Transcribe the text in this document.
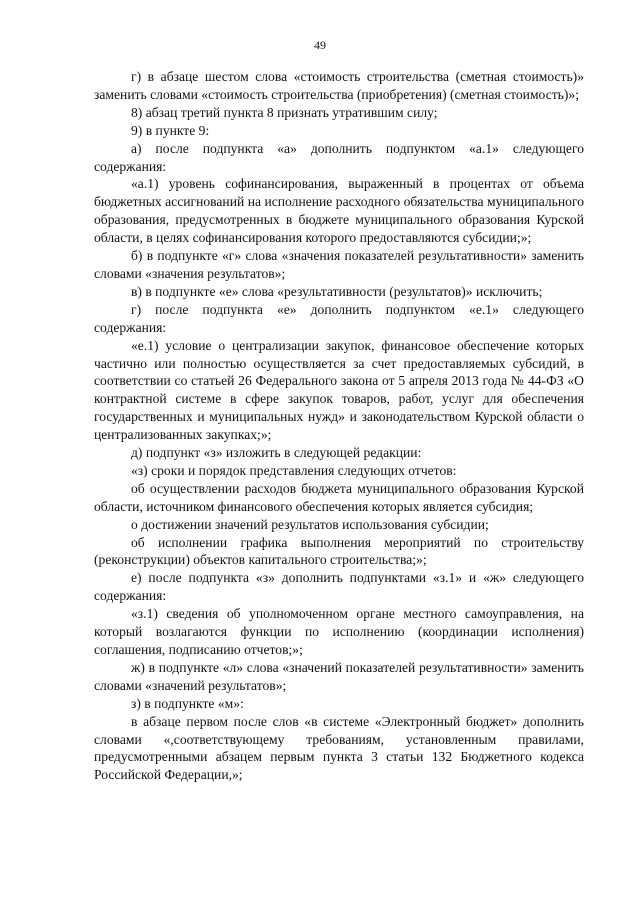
49

г) в абзаце шестом слова «стоимость строительства (сметная стоимость)» заменить словами «стоимость строительства (приобретения) (сметная стоимость)»;

8) абзац третий пункта 8 признать утратившим силу;

9) в пункте 9:

а) после подпункта «а» дополнить подпунктом «а.1» следующего содержания:

«а.1) уровень софинансирования, выраженный в процентах от объема бюджетных ассигнований на исполнение расходного обязательства муниципального образования, предусмотренных в бюджете муниципального образования Курской области, в целях софинансирования которого предоставляются субсидии;»;

б) в подпункте «г» слова «значения показателей результативности» заменить словами «значения результатов»;

в) в подпункте «е» слова «результативности (результатов)» исключить;

г) после подпункта «е» дополнить подпунктом «е.1» следующего содержания:

«е.1) условие о централизации закупок, финансовое обеспечение которых частично или полностью осуществляется за счет предоставляемых субсидий, в соответствии со статьей 26 Федерального закона от 5 апреля 2013 года № 44-ФЗ «О контрактной системе в сфере закупок товаров, работ, услуг для обеспечения государственных и муниципальных нужд» и законодательством Курской области о централизованных закупках;»;

д) подпункт «з» изложить в следующей редакции:

«з) сроки и порядок представления следующих отчетов:

об осуществлении расходов бюджета муниципального образования Курской области, источником финансового обеспечения которых является субсидия;

о достижении значений результатов использования субсидии;

об исполнении графика выполнения мероприятий по строительству (реконструкции) объектов капитального строительства;»;

е) после подпункта «з» дополнить подпунктами «з.1» и «ж» следующего содержания:

«з.1) сведения об уполномоченном органе местного самоуправления, на который возлагаются функции по исполнению (координации исполнения) соглашения, подписанию отчетов;»;

ж) в подпункте «л» слова «значений показателей результативности» заменить словами «значений результатов»;

з) в подпункте «м»:

в абзаце первом после слов «в системе «Электронный бюджет» дополнить словами «,соответствующему требованиям, установленным правилами, предусмотренными абзацем первым пункта 3 статьи 132 Бюджетного кодекса Российской Федерации,»;
